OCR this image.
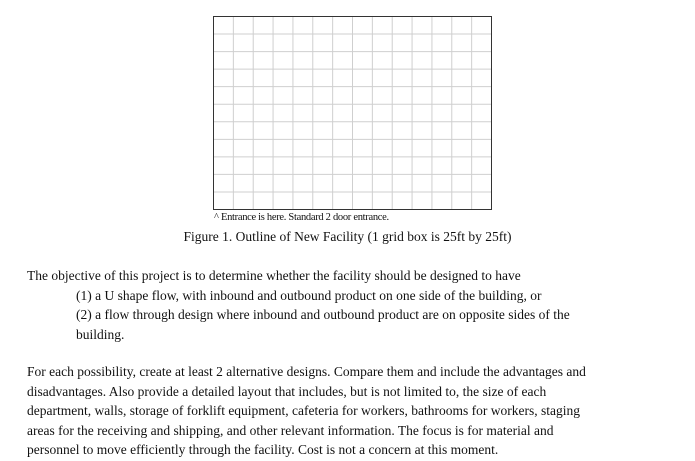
^ Entrance is here. Standard 2 door entrance.
Figure 1. Outline of New Facility (1 grid box is 25ft by 25ft)
The objective of this project is to determine whether the facility should be designed to have
(1) a U shape flow, with inbound and outbound product on one side of the building, or
(2) a flow through design where inbound and outbound product are on opposite sides of the
building.
For each possibility, create at least 2 alternative designs. Compare them and include the advantages and
disadvantages. Also provide a detailed layout that includes, but is not limited to, the size of each
department, walls, storage of forklift equipment, cafeteria for workers, bathrooms for workers, staging
areas for the receiving and shipping, and other relevant information. The focus is for material and
personnel to move efficiently through the facility. Cost is not a concern at this moment.
